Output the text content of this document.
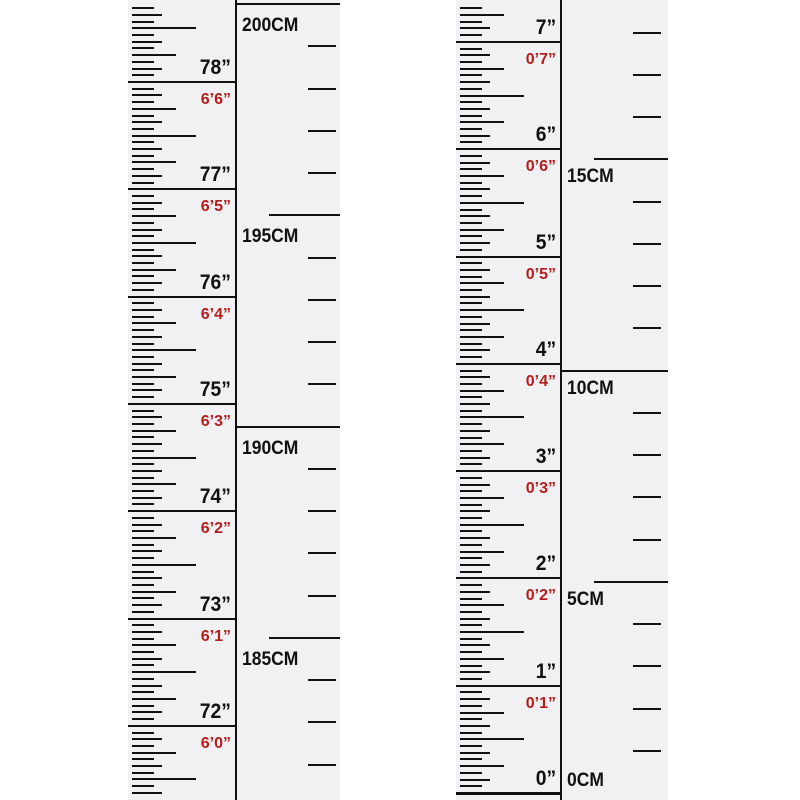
78”
6’6”
77”
6’5”
76”
6’4”
75”
6’3”
74”
6’2”
73”
6’1”
72”
6’0”
200CM
195CM
190CM
185CM
7”
0’7”
6”
0’6”
5”
0’5”
4”
0’4”
3”
0’3”
2”
0’2”
1”
0’1”
0”
15CM
10CM
5CM
0CM
